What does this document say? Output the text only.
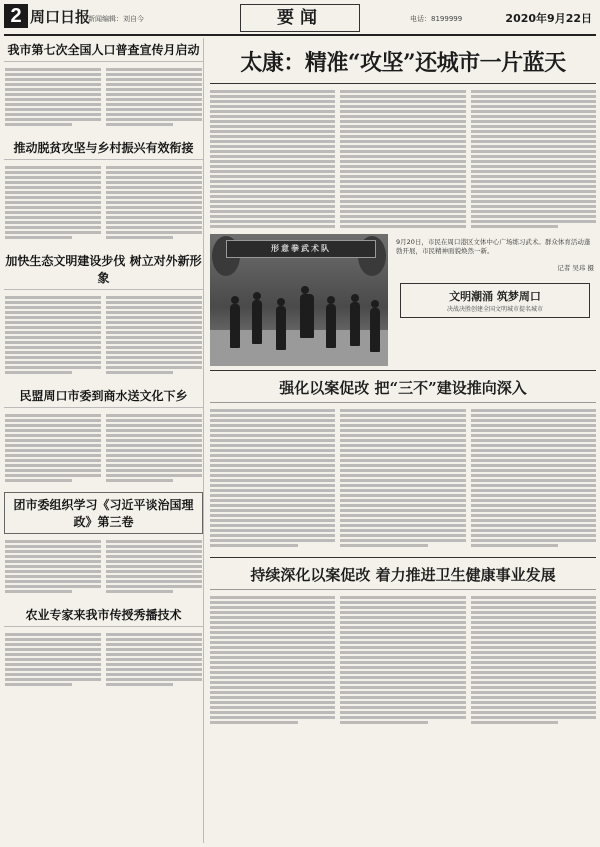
2 周口日报
新闻编辑：刘自今	要闻	电话：8199999	2020年9月22日
我市第七次全国人口普查宣传月启动
推动脱贫攻坚与乡村振兴有效衔接
加快生态文明建设步伐 树立对外新形象
民盟周口市委到商水送文化下乡
团市委组织学习《习近平谈治国理政》第三卷
农业专家来我市传授秀播技术
太康：精准“攻坚”还城市一片蓝天
形意拳武术队
9月20日，市民在周口港区文体中心广场练习武术。群众体育活动蓬勃开展，市民精神面貌焕然一新。
记者 吴玮 摄
文明潮涌 筑梦周口
决战决胜创建全国文明城市提名城市
强化以案促改 把“三不”建设推向深入
持续深化以案促改 着力推进卫生健康事业发展
